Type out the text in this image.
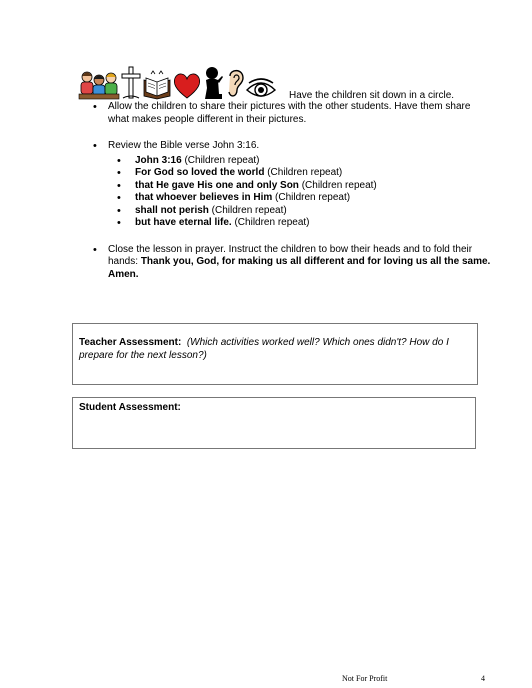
Have the children sit down in a circle.
• Allow the children to share their pictures with the other students. Have them share what makes people different in their pictures.
• Review the Bible verse John 3:16.
• John 3:16 (Children repeat)
• For God so loved the world (Children repeat)
• that He gave His one and only Son (Children repeat)
• that whoever believes in Him (Children repeat)
• shall not perish (Children repeat)
• but have eternal life. (Children repeat)
• Close the lesson in prayer. Instruct the children to bow their heads and to fold their hands: Thank you, God, for making us all different and for loving us all the same. Amen.
Teacher Assessment: (Which activities worked well? Which ones didn't? How do I prepare for the next lesson?)
Student Assessment:
Not For Profit	4
